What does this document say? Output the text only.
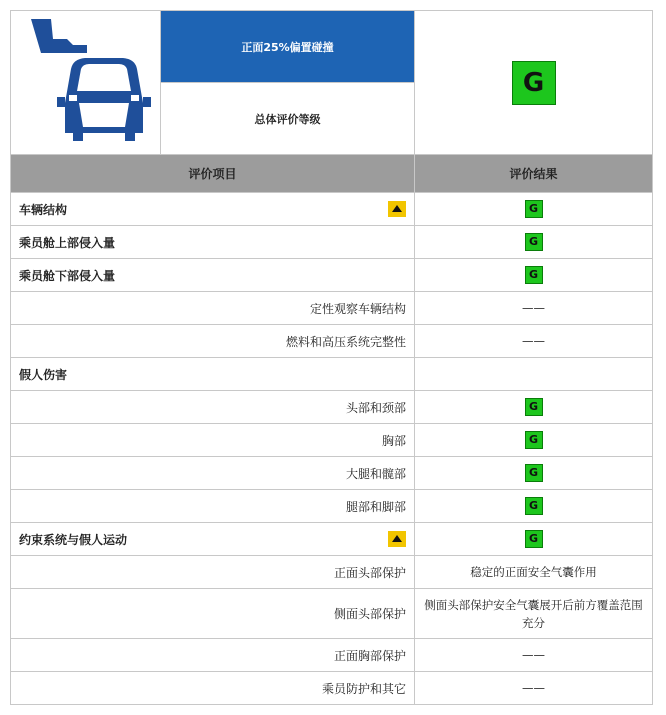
	正面25%偏置碰撞	G
	总体评价等级	
评价项目		评价结果

车辆结构		G

乘员舱上部侵入量		G

乘员舱下部侵入量		G

定性观察车辆结构		——

燃料和高压系统完整性		——

假人伤害		

头部和颈部		G

胸部		G

大腿和髋部		G

腿部和脚部		G

约束系统与假人运动		G

正面头部保护		稳定的正面安全气囊作用

侧面头部保护		侧面头部保护安全气囊展开后前方覆盖范围充分

正面胸部保护		——

乘员防护和其它		——
